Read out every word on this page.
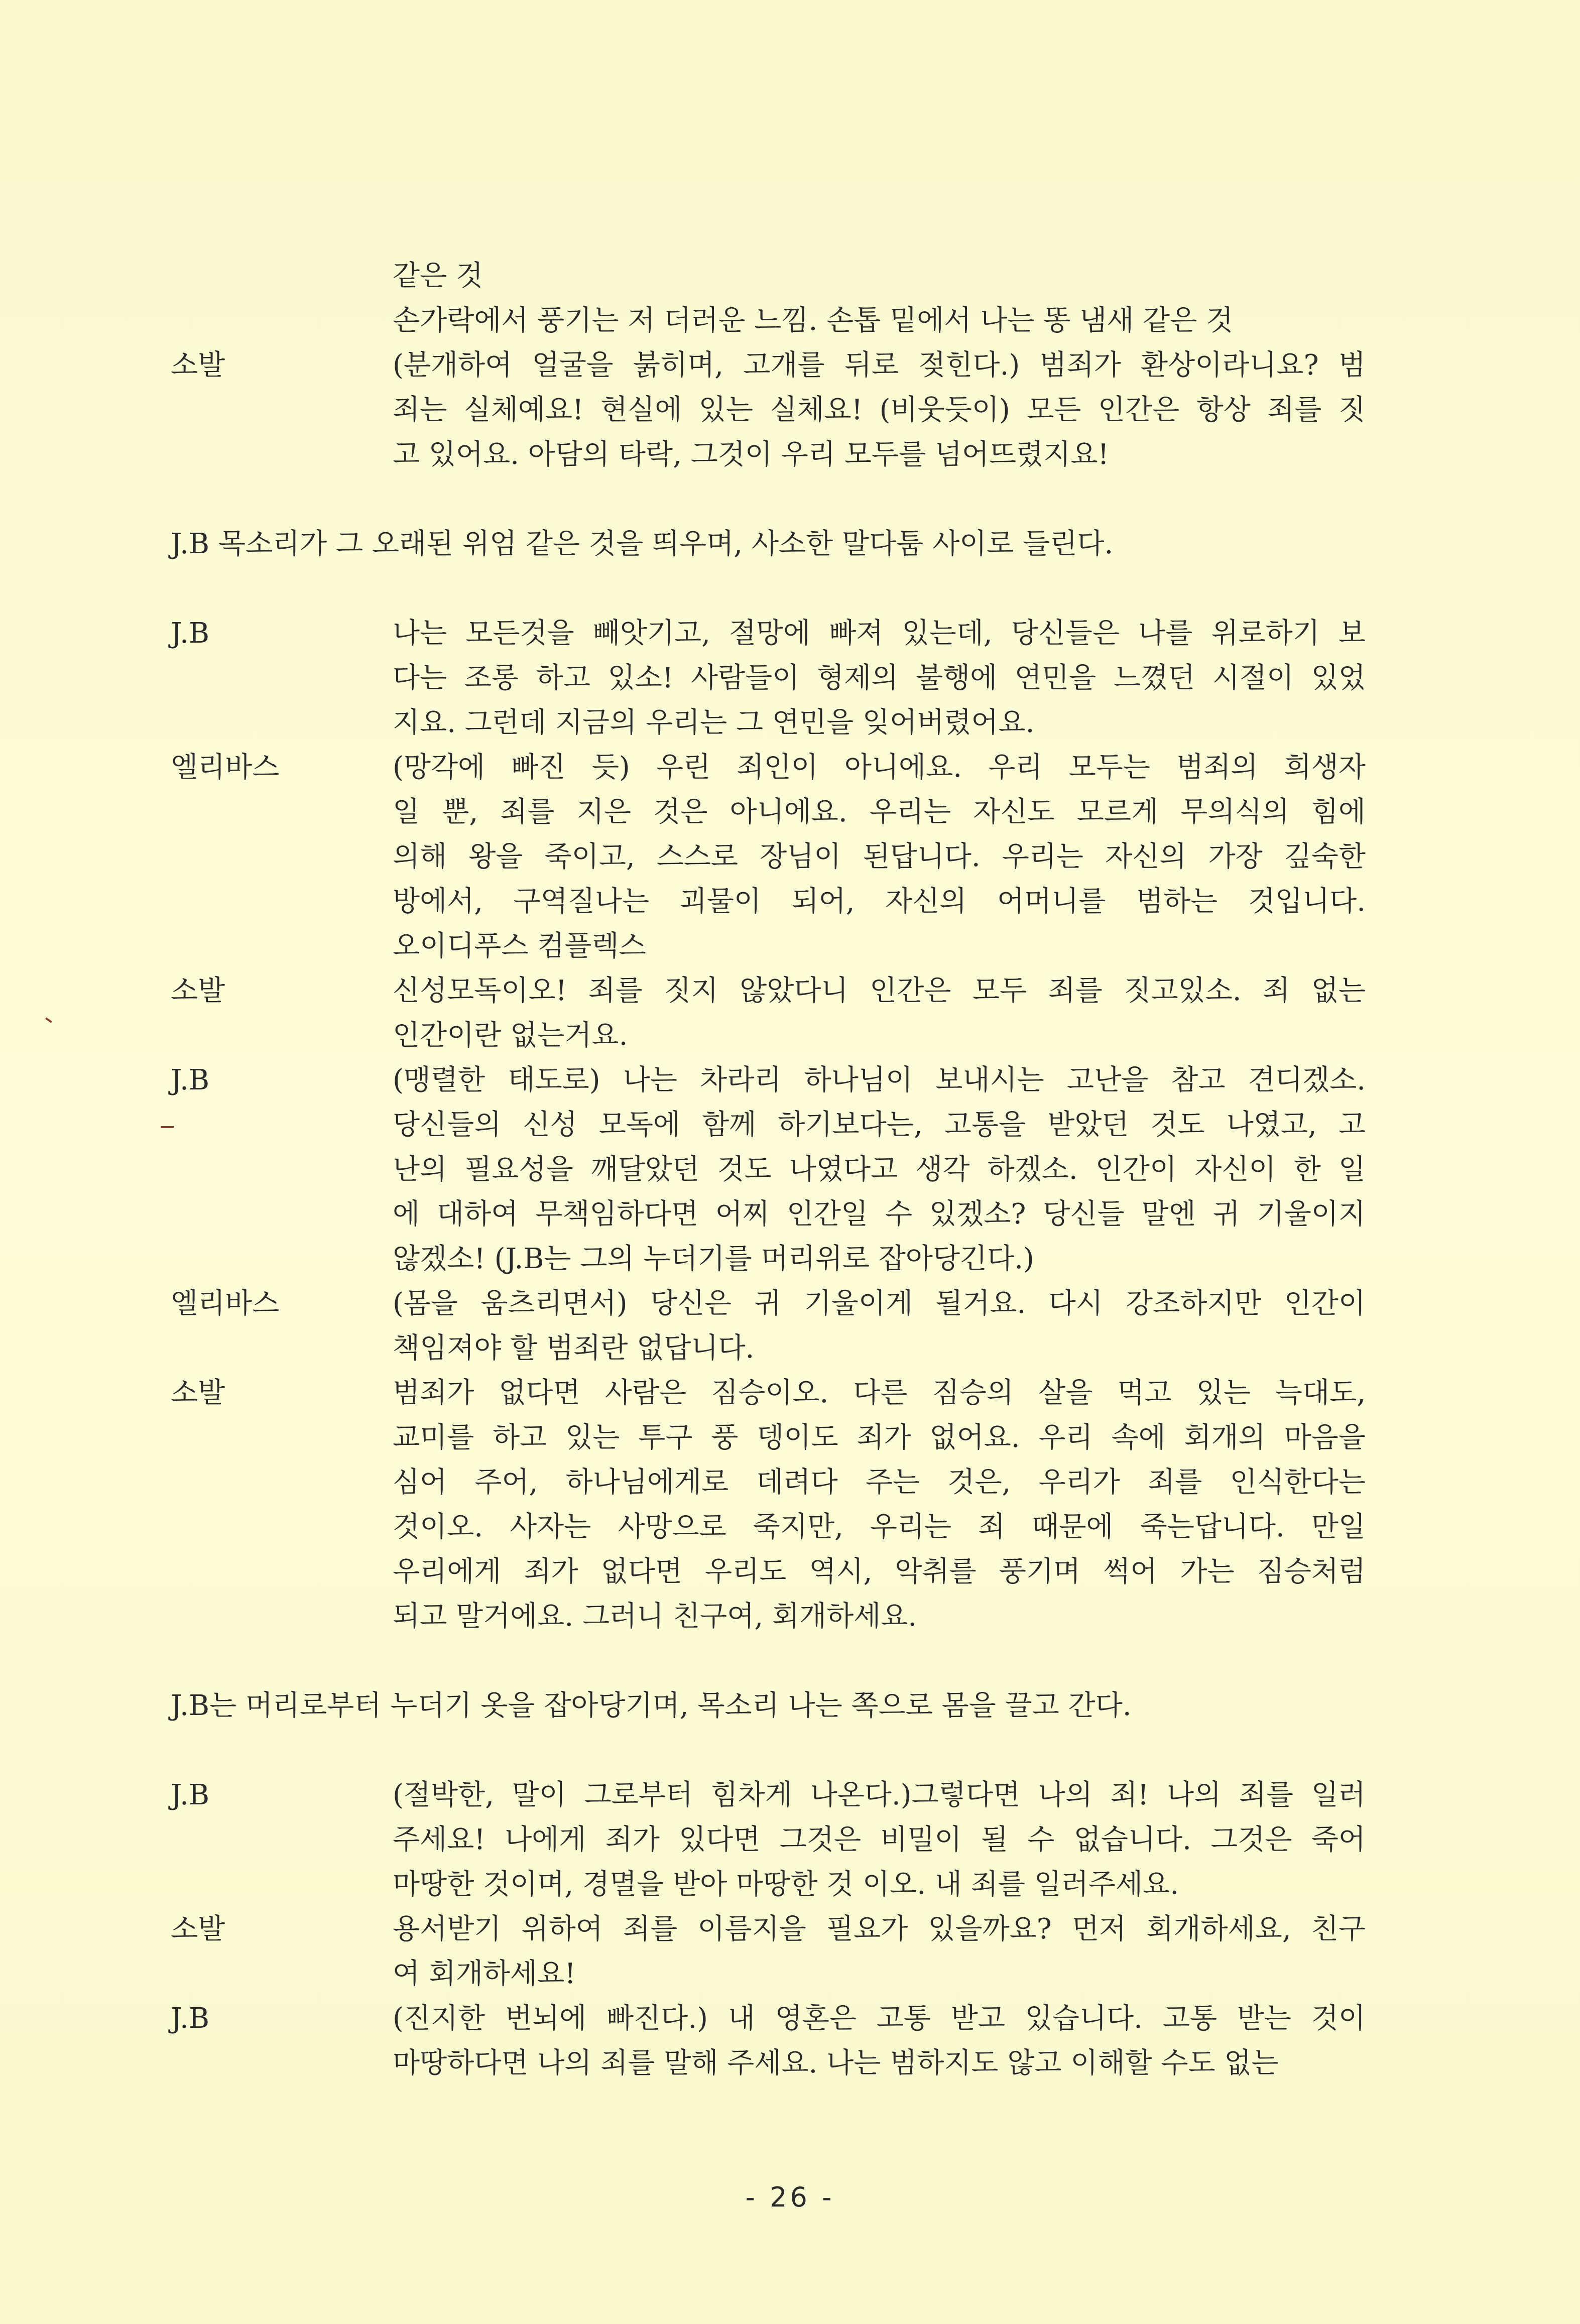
같은 것
손가락에서 풍기는 저 더러운 느낌. 손톱 밑에서 나는 똥 냄새 같은 것
소발	(분개하여 얼굴을 붉히며, 고개를 뒤로 젖힌다.) 범죄가 환상이라니요? 범
죄는 실체예요! 현실에 있는 실체요! (비웃듯이) 모든 인간은 항상 죄를 짓
고 있어요. 아담의 타락, 그것이 우리 모두를 넘어뜨렸지요!
J.B 목소리가 그 오래된 위엄 같은 것을 띄우며, 사소한 말다툼 사이로 들린다.
J.B	나는 모든것을 빼앗기고, 절망에 빠져 있는데, 당신들은 나를 위로하기 보
다는 조롱 하고 있소! 사람들이 형제의 불행에 연민을 느꼈던 시절이 있었
지요. 그런데 지금의 우리는 그 연민을 잊어버렸어요.
엘리바스	(망각에 빠진 듯) 우린 죄인이 아니에요. 우리 모두는 범죄의 희생자
일 뿐, 죄를 지은 것은 아니에요. 우리는 자신도 모르게 무의식의 힘에
의해 왕을 죽이고, 스스로 장님이 된답니다. 우리는 자신의 가장 깊숙한
방에서, 구역질나는 괴물이 되어, 자신의 어머니를 범하는 것입니다.
오이디푸스 컴플렉스
소발	신성모독이오! 죄를 짓지 않았다니 인간은 모두 죄를 짓고있소. 죄 없는
인간이란 없는거요.
J.B	(맹렬한 태도로) 나는 차라리 하나님이 보내시는 고난을 참고 견디겠소.
당신들의 신성 모독에 함께 하기보다는, 고통을 받았던 것도 나였고, 고
난의 필요성을 깨달았던 것도 나였다고 생각 하겠소. 인간이 자신이 한 일
에 대하여 무책임하다면 어찌 인간일 수 있겠소? 당신들 말엔 귀 기울이지
않겠소! (J.B는 그의 누더기를 머리위로 잡아당긴다.)
엘리바스	(몸을 움츠리면서) 당신은 귀 기울이게 될거요. 다시 강조하지만 인간이
책임져야 할 범죄란 없답니다.
소발	범죄가 없다면 사람은 짐승이오. 다른 짐승의 살을 먹고 있는 늑대도,
교미를 하고 있는 투구 풍 뎅이도 죄가 없어요. 우리 속에 회개의 마음을
심어 주어, 하나님에게로 데려다 주는 것은, 우리가 죄를 인식한다는
것이오. 사자는 사망으로 죽지만, 우리는 죄 때문에 죽는답니다. 만일
우리에게 죄가 없다면 우리도 역시, 악취를 풍기며 썩어 가는 짐승처럼
되고 말거에요. 그러니 친구여, 회개하세요.
J.B는 머리로부터 누더기 옷을 잡아당기며, 목소리 나는 쪽으로 몸을 끌고 간다.
J.B	(절박한, 말이 그로부터 힘차게 나온다.)그렇다면 나의 죄! 나의 죄를 일러
주세요! 나에게 죄가 있다면 그것은 비밀이 될 수 없습니다. 그것은 죽어
마땅한 것이며, 경멸을 받아 마땅한 것 이오. 내 죄를 일러주세요.
소발	용서받기 위하여 죄를 이름지을 필요가 있을까요? 먼저 회개하세요, 친구
여 회개하세요!
J.B	(진지한 번뇌에 빠진다.) 내 영혼은 고통 받고 있습니다. 고통 받는 것이
마땅하다면 나의 죄를 말해 주세요. 나는 범하지도 않고 이해할 수도 없는
- 26 -
